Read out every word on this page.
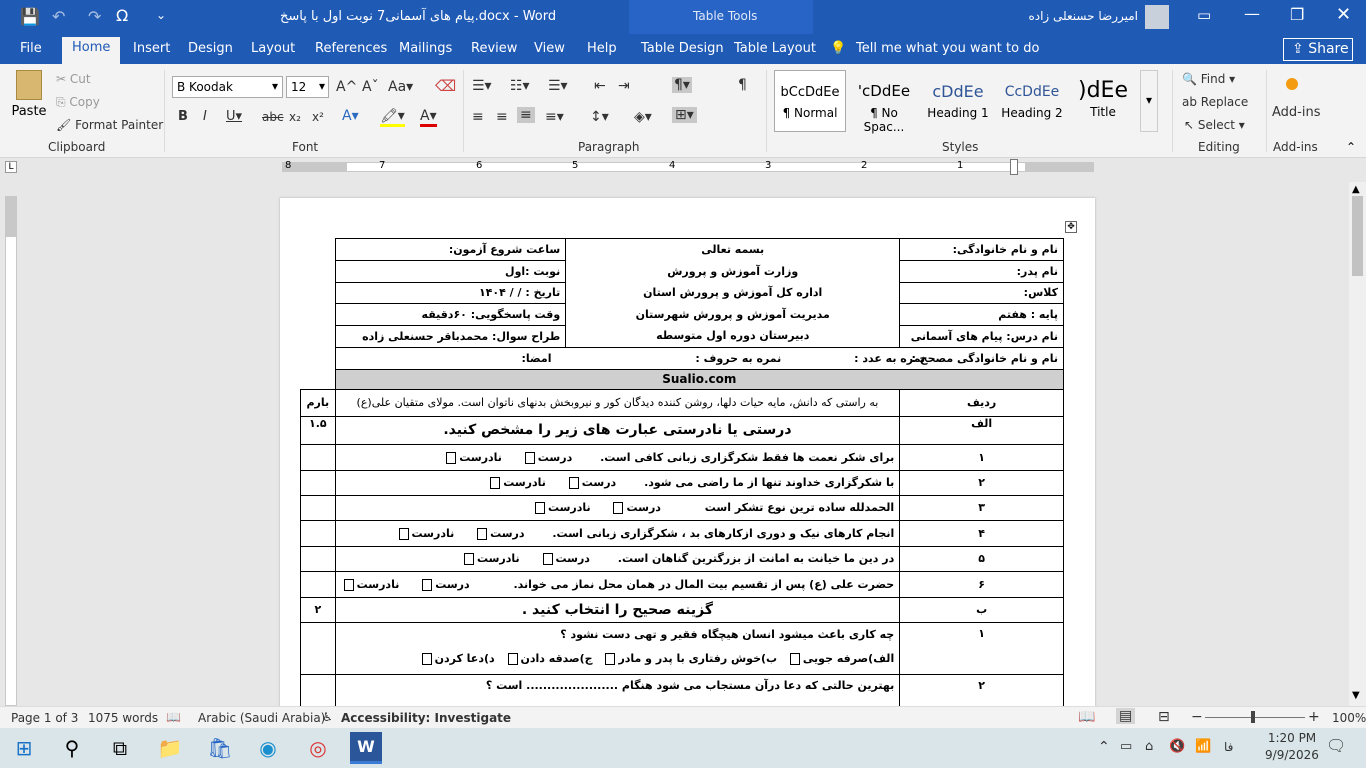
💾 ↶ ↷ Ω ⌄	پیام های آسمانی7 نوبت اول با پاسخ.docx - Word	امیررضا حسنعلی زاده	▭ — ❐ ✕
Table Tools
File	Home	Insert Design Layout References Mailings Review View Help Table Design Table Layout 💡 Tell me what you want to do	⇪ Share
Paste
✂ Cut
⎘ Copy
🖌 Format Painter
Clipboard
B Koodak	▾	12 ▾ A^ Aˇ Aa▾ ⌫
B I U▾ abc x₂ x² A▾ 🖍▾ A▾
Font
☰▾ ☷▾ ☰▾ ⇤ ⇥	¶▾	¶
≡ ≡ ≡ ≡▾ ↕▾ ◈▾ ⊞▾
Paragraph
bCcDdEe
¶ Normal
'cDdEe
¶ No Spac...
cDdEe
Heading 1
CcDdEe
Heading 2
)dEe
Title
▾
Styles
🔍 Find ▾
ab Replace
↖ Select ▾
Editing
Add-ins
Add-ins ⌃
L	8	7	6	5	4	3	2	1
✥
نام و نام خانوادگی:	بسمه تعالی
وزارت آموزش و پرورش
اداره کل آموزش و پرورش استان
مدیریت آموزش و پرورش شهرستان
دبیرستان دوره اول متوسطه	ساعت شروع آزمون:	
نام پدر:		نوبت :اول	
کلاس:		تاریخ : / / ۱۴۰۴	
پایه : هفتم		وقت پاسخگویی: ۶۰دقیقه	
نام درس: پیام های آسمانی		طراح سوال: محمدباقر حسنعلی زاده	
نام و نام خانوادگی مصحح : نمره به عدد : نمره به حروف : امضا:			
Sualio.com			
ردیف	به راستی که دانش، مایه حیات دلها، روشن کننده دیدگان کور و نیروبخش بدنهای ناتوان است. مولای متقیان علی(ع)		بارم
الف	درستی یا نادرستی عبارت های زیر را مشخص کنید.		۱.۵
۱	برای شکر نعمت ها فقط شکرگزاری زبانی کافی است. درست نادرست		
۲	با شکرگزاری خداوند تنها از ما راضی می شود. درست نادرست		
۳	الحمدلله ساده ترین نوع تشکر است درست نادرست		
۴	انجام کارهای نیک و دوری ازکارهای بد ، شکرگزاری زبانی است. درست نادرست		
۵	در دین ما خیانت به امانت از بزرگترین گناهان است. درست نادرست		
۶	حضرت علی (ع) پس از تقسیم بیت المال در همان محل نماز می خواند. درست نادرست		
ب	گزینه صحیح را انتخاب کنید .		۲
۱	چه کاری باعث میشود انسان هیچگاه فقیر و تهی دست نشود ؟
الف)صرفه جویی ب)خوش رفتاری با پدر و مادر ج)صدقه دادن د)دعا کردن		

۲	بهترین حالتی که دعا درآن مستجاب می شود هنگام ...................... است ؟		

▲
▼
Page 1 of 3 1075 words 📖 Arabic (Saudi Arabia)
♿ Accessibility: Investigate	📖 ▤ ⊟ −	+ 100%
⊞	⚲	⧉	📁 🛍	◉	◎	W	⌃ ▭ ⌂ 🔇 📶 فا
1:20 PM
9/9/2026 🗨
